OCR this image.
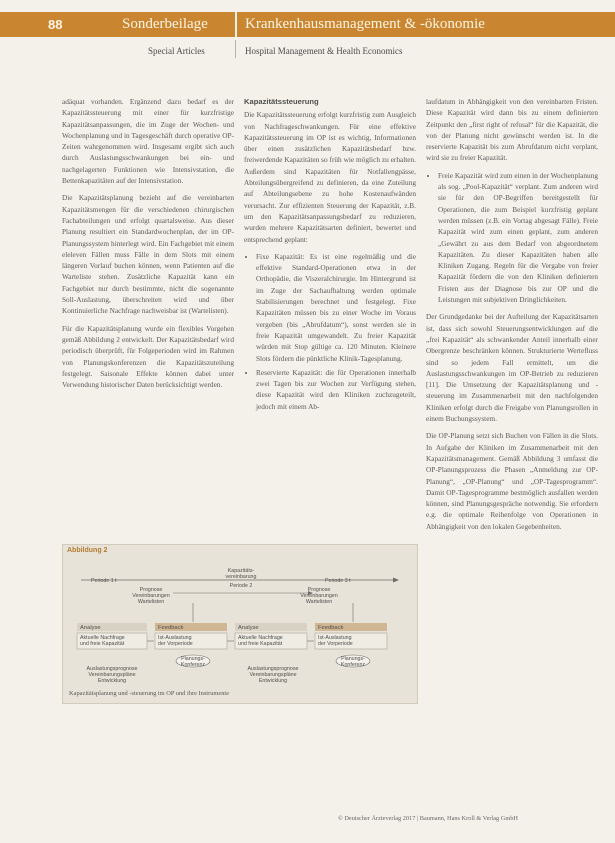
88	Sonderbeilage Krankenhausmanagement & -ökonomie
Special Articles	Hospital Management & Health Economics

adäquat vorhanden. Ergänzend dazu bedarf es der Kapazitätssteuerung mit einer für kurzfristige Kapazitätsanpassungen, die im Zuge der Wochen- und Wochenplanung und in Tagesgeschäft durch operative OP-Zeiten wahrgenommen wird. Insgesamt ergibt sich auch durch Auslastungsschwankungen bei ein- und nachgelagerten Funktionen wie Intensivstation, die Bettenkapazitäten auf der Intensivstation.

Die Kapazitätsplanung bezieht auf die vereinbarten Kapazitätsmengen für die verschiedenen chirurgischen Fachabteilungen und erfolgt quartalsweise. Aus dieser Planung resultiert ein Standardwochenplan, der im OP-Planungssystem hinterlegt wird. Ein Fachgebiet mit einem eleleven Fällen muss Fälle in dem Slots mit einem längeren Vorlauf buchen können, wenn Patienten auf die Warteliste stehen. Zusätzliche Kapazität kann ein Fachgebiet nur durch bestimmte, nicht die sogenannte Soll-Auslastung, überschreiten wird und über Kontinuierliche Nachfrage nachweisbar ist (Wartelisten).

Für die Kapazitätsplanung wurde ein flexibles Vorgehen gemäß Abbildung 2 entwickelt. Der Kapazitätsbedarf wird periodisch überprüft, für Folgeperioden wird im Rahmen von Planungskonferenzen die Kapazitätszuteilung festgelegt. Saisonale Effekte können dabei unter Verwendung historischer Daten berücksichtigt werden.

Kapazitätssteuerung

Die Kapazitätssteuerung erfolgt kurzfristig zum Ausgleich von Nachfrageschwankungen. Für eine effektive Kapazitätssteuerung im OP ist es wichtig, Informationen über einen zusätzlichen Kapazitätsbedarf bzw. freiwerdende Kapazitäten so früh wie möglich zu erhalten. Außerdem sind Kapazitäten für Notfallengpässe, Abteilungsübergreifend zu definieren, da eine Zuteilung auf Abteilungsebene zu hohe Kostenaufwänden verursacht. Zur effizienten Steuerung der Kapazität, z.B. um den Kapazitätsanpassungsbedarf zu reduzieren, wurden mehrere Kapazitätsarten definiert, bewertet und entsprechend geplant:

• Fixe Kapazität: Es ist eine regelmäßig und die effektive Standard-Operationen etwa in der Orthopädie, die Viszeralchirurgie. Im Hintergrund ist im Zuge der Sachaufhaltung werden optimale Stabilisierungen berechnet und festgelegt. Fixe Kapazitäten müssen bis zu einer Woche im Voraus vergeben (bis „Abrufdatum“), sonst werden sie in freie Kapazität umgewandelt. Zu freier Kapazität würden mit Stop gültige ca. 120 Minuten. Kleinere Slots fördern die pünktliche Klinik-Tagesplanung.
• Reservierte Kapazität: die für Operationen innerhalb zwei Tagen bis zur Wochen zur Verfügung stehen, diese Kapazität wird den Kliniken zuchzugeteilt, jedoch mit einem Ab-

laufdatum in Abhängigkeit von den vereinbarten Fristen. Diese Kapazität wird dann bis zu einem definierten Zeitpunkt den „first right of refusal“ für die Kapazität, die von der Planung nicht gewünscht werden ist. In die reservierte Kapazität bis zum Abrufdatum nicht verplant, wird sie zu freier Kapazität.

• Freie Kapazität wird zum einen in der Wochenplanung als sog. „Pool-Kapazität“ verplant. Zum anderen wird sie für den OP-Begriffen bereitgestellt für Operationen, die zum Beispiel kurzfristig geplant werden müssen (z.B. ein Vortag abgesagt Fälle). Freie Kapazität wird zum einen geplant, zum anderen „Gewährt zu aus dem Bedarf von abgeordnetem Kapazitäten. Zu dieser Kapazitäten haben alle Kliniken Zugang. Regeln für die Vergabe von freier Kapazität fördern die von den Kliniken definierten Fristen aus der Diagnose bis zur OP und die Leistungen mit subjektiven Dringlichkeiten.

Der Grundgedanke bei der Aufteilung der Kapazitätsarten ist, dass sich sowohl Steuerungsentwicklungen auf die „frei Kapazität“ als schwankender Anteil innerhalb einer Obergrenze beschränken können. Strukturierte Wertefluss sind so jedem Fall ermittelt, um die Auslastungsschwankungen im OP-Betrieb zu reduzieren [11]. Die Umsetzung der Kapazitätsplanung und -steuerung im Zusammenarbeit mit den nachfolgenden Kliniken erfolgt durch die Freigabe von Planungsrollen in einem Buchungssystem.

Die OP-Planung setzt sich Buchen von Fällen in die Slots. In Aufgabe der Kliniken im Zusammenarbeit mit den Kapazitätsmanagement. Gemäß Abbildung 3 umfasst die OP-Planungsprozess die Phasen „Anmeldung zur OP-Planung“, „OP-Planung“ und „OP-Tagesprogramm“. Damit OP-Tagesprogramme bestmöglich ausfallen werden können, sind Planungsgespräche notwendig. Sie erfordern e.g. die optimale Reihenfolge von Operationen in Abhängigkeit von den lokalen Gegebenheiten.

Abbildung 2
Periode 1 t	Periode 3 t
Kapazitäts-
vereinbarung
Periode 2
Prognose
Vereinbarungen
Wartelisten
Prognose
Vereinbarungen
Wartelisten
Analyse	Feedback	Analyse	Feedback
Aktuelle Nachfrage
und freie Kapazität
Ist-Auslastung
der Vorperiode
Aktuelle Nachfrage
und freie Kapazität
Ist-Auslastung
der Vorperiode
Planungs-
Konferenz
Planungs-
Konferenz
Auslastungsprognose
Vereinbarungspläne
Entwicklung
Auslastungsprognose
Vereinbarungspläne
Entwicklung
Kapazitätsplanung und -steuerung im OP und ihre Instrumente
© Deutscher Ärzteverlag 2017 | Baumann, Hans Kroll & Verlag GmbH
